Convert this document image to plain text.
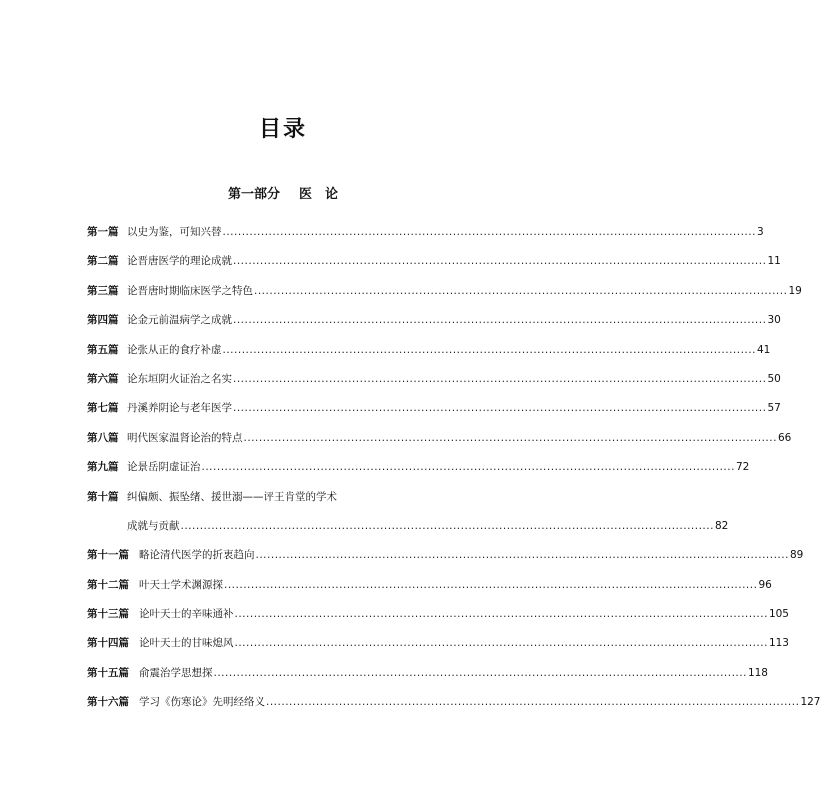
目录
第一部分 医　论
第一篇 以史为鉴，可知兴替 .....	3
第二篇 论晋唐医学的理论成就 .....	11
第三篇 论晋唐时期临床医学之特色 .....	19
第四篇 论金元前温病学之成就 .....	30
第五篇 论张从正的食疗补虚 .....	41
第六篇 论东垣阴火证治之名实 .....	50
第七篇 丹溪养阴论与老年医学 .....	57
第八篇 明代医家温肾论治的特点 .....	66
第九篇 论景岳阴虚证治 .....	72
第十篇 纠偏颇、振坠绪、援世溺——评王肯堂的学术
成就与贡献 .....	82
第十一篇 略论清代医学的折衷趋向 .....	89
第十二篇 叶天士学术渊源探 .....	96
第十三篇 论叶天士的辛味通补 .....	105
第十四篇 论叶天士的甘味熄风 .....	113
第十五篇 俞震治学思想探 .....	118
第十六篇 学习《伤寒论》先明经络义 .....	127
